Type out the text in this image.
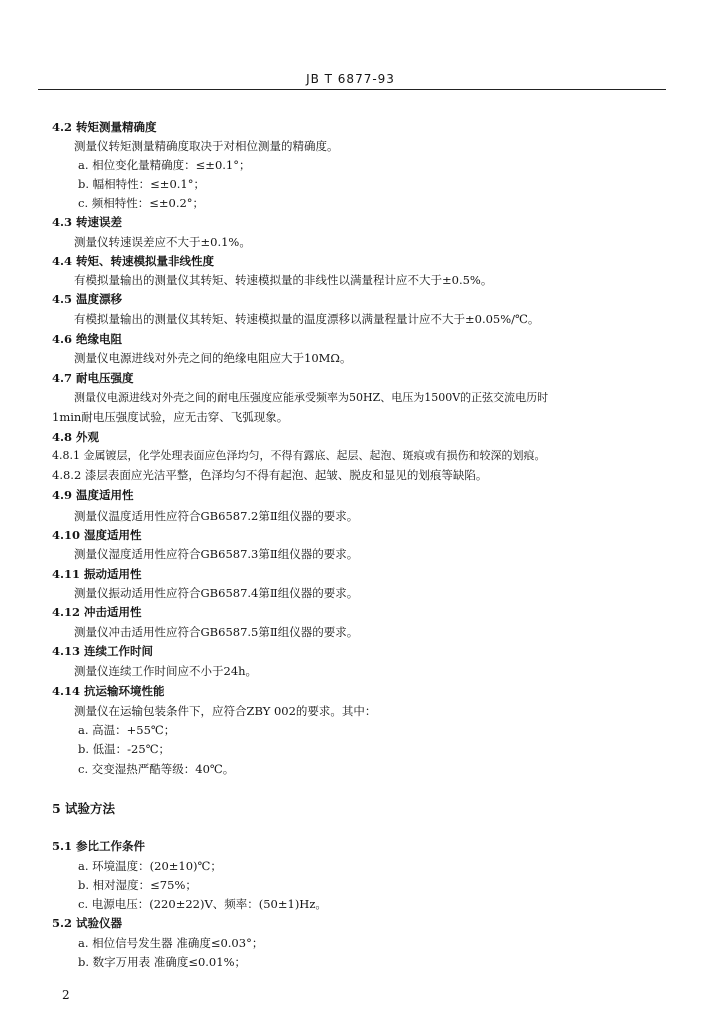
JB T 6877-93
4.2 转矩测量精确度
测量仪转矩测量精确度取决于对相位测量的精确度。
a. 相位变化量精确度：≤±0.1°；
b. 幅相特性：≤±0.1°；
c. 频相特性：≤±0.2°；
4.3 转速误差
测量仪转速误差应不大于±0.1%。
4.4 转矩、转速模拟量非线性度
有模拟量输出的测量仪其转矩、转速模拟量的非线性以满量程计应不大于±0.5%。
4.5 温度漂移
有模拟量输出的测量仪其转矩、转速模拟量的温度漂移以满量程量计应不大于±0.05%/℃。
4.6 绝缘电阻
测量仪电源进线对外壳之间的绝缘电阻应大于10MΩ。
4.7 耐电压强度
测量仪电源进线对外壳之间的耐电压强度应能承受频率为50HZ、电压为1500V的正弦交流电历时
1min耐电压强度试验，应无击穿、飞弧现象。
4.8 外观
4.8.1 金属镀层，化学处理表面应色泽均匀，不得有露底、起层、起泡、斑痕或有损伤和较深的划痕。
4.8.2 漆层表面应光洁平整，色泽均匀不得有起泡、起皱、脱皮和显见的划痕等缺陷。
4.9 温度适用性
测量仪温度适用性应符合GB6587.2第Ⅱ组仪器的要求。
4.10 湿度适用性
测量仪湿度适用性应符合GB6587.3第Ⅱ组仪器的要求。
4.11 振动适用性
测量仪振动适用性应符合GB6587.4第Ⅱ组仪器的要求。
4.12 冲击适用性
测量仪冲击适用性应符合GB6587.5第Ⅱ组仪器的要求。
4.13 连续工作时间
测量仪连续工作时间应不小于24h。
4.14 抗运输环境性能
测量仪在运输包装条件下，应符合ZBY 002的要求。其中：
a. 高温：+55℃；
b. 低温：-25℃；
c. 交变湿热严酷等级：40℃。
5 试验方法
5.1 参比工作条件
a. 环境温度：(20±10)℃；
b. 相对湿度：≤75%；
c. 电源电压：(220±22)V、频率：(50±1)Hz。
5.2 试验仪器
a. 相位信号发生器 准确度≤0.03°；
b. 数字万用表 准确度≤0.01%；
2
